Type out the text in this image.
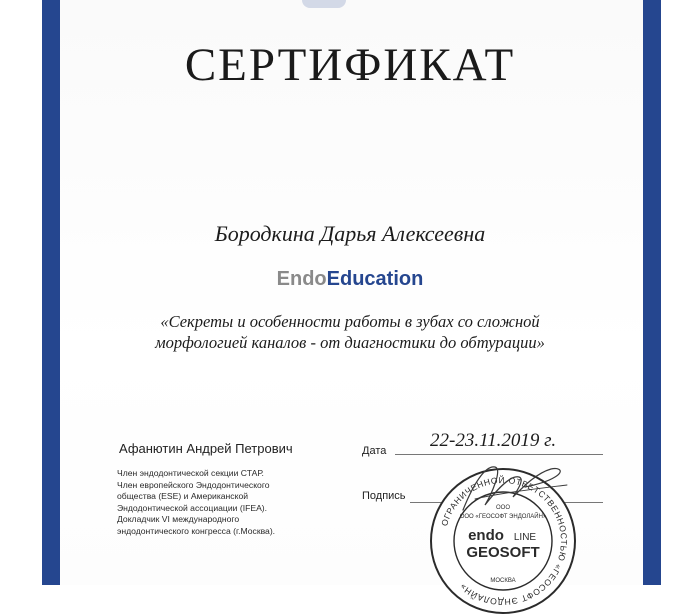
СЕРТИФИКАТ
Бородкина Дарья Алексеевна
EndoEducation
«Секреты и особенности работы в зубах со сложной
морфологией каналов - от диагностики до обтурации»
Афанютин Андрей Петрович
Член эндодонтической секции СТАР.
Член европейского Эндодонтического
общества (ESE) и Американской
Эндодонтической ассоциации (IFEA).
Докладчик VI международного
эндодонтического конгресса (г.Москва).
Дата 22-23.11.2019 г.
Подпись
ОГРАНИЧЕННОЙ ОТВЕТСТВЕННОСТЬЮ «ГЕОСОФТ ЭНДОЛАЙН»
ООО
ООО «ГЕОСОФТ ЭНДОЛАЙН»
endo LINE
GEOSOFT
МОСКВА
